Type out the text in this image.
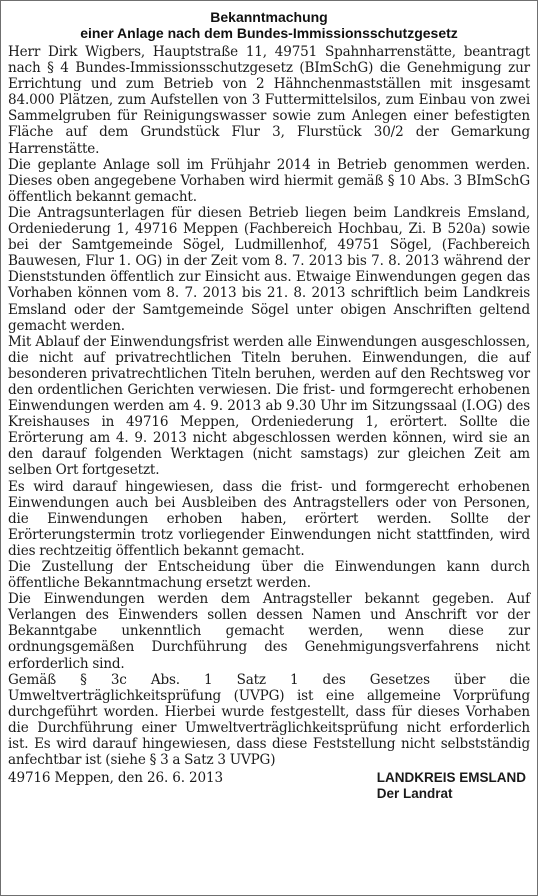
Bekanntmachung
einer Anlage nach dem Bundes-Immissionsschutzgesetz

Herr Dirk Wigbers, Hauptstraße 11, 49751 Spahnharrenstätte, beantragt nach § 4 Bundes-Immissionsschutzgesetz (BImSchG) die Genehmigung zur Errichtung und zum Betrieb von 2 Hähnchenmastställen mit insgesamt 84.000 Plätzen, zum Aufstellen von 3 Futtermittelsilos, zum Einbau von zwei Sammelgruben für Reinigungswasser sowie zum Anlegen einer befestigten Fläche auf dem Grundstück Flur 3, Flurstück 30/2 der Gemarkung Harrenstätte.

Die geplante Anlage soll im Frühjahr 2014 in Betrieb genommen werden. Dieses oben angegebene Vorhaben wird hiermit gemäß § 10 Abs. 3 BImSchG öffentlich bekannt gemacht.

Die Antragsunterlagen für diesen Betrieb liegen beim Landkreis Emsland, Ordeniederung 1, 49716 Meppen (Fachbereich Hochbau, Zi. B 520a) sowie bei der Samtgemeinde Sögel, Ludmillenhof, 49751 Sögel, (Fachbereich Bauwesen, Flur 1. OG) in der Zeit vom 8. 7. 2013 bis 7. 8. 2013 während der Dienststunden öffentlich zur Einsicht aus. Etwaige Einwendungen gegen das Vorhaben können vom 8. 7. 2013 bis 21. 8. 2013 schriftlich beim Landkreis Emsland oder der Samtgemeinde Sögel unter obigen Anschriften geltend gemacht werden.

Mit Ablauf der Einwendungsfrist werden alle Einwendungen ausgeschlossen, die nicht auf privatrechtlichen Titeln beruhen. Einwendungen, die auf besonderen privatrechtlichen Titeln beruhen, werden auf den Rechtsweg vor den ordentlichen Gerichten verwiesen. Die frist- und formgerecht erhobenen Einwendungen werden am 4. 9. 2013 ab 9.30 Uhr im Sitzungssaal (I.OG) des Kreishauses in 49716 Meppen, Ordeniederung 1, erörtert. Sollte die Erörterung am 4. 9. 2013 nicht abgeschlossen werden können, wird sie an den darauf folgenden Werktagen (nicht samstags) zur gleichen Zeit am selben Ort fortgesetzt.

Es wird darauf hingewiesen, dass die frist- und formgerecht erhobenen Einwendungen auch bei Ausbleiben des Antragstellers oder von Personen, die Einwendungen erhoben haben, erörtert werden. Sollte der Erörterungstermin trotz vorliegender Einwendungen nicht stattfinden, wird dies rechtzeitig öffentlich bekannt gemacht.

Die Zustellung der Entscheidung über die Einwendungen kann durch öffentliche Bekanntmachung ersetzt werden.

Die Einwendungen werden dem Antragsteller bekannt gegeben. Auf Verlangen des Einwenders sollen dessen Namen und Anschrift vor der Bekanntgabe unkenntlich gemacht werden, wenn diese zur ordnungsgemäßen Durchführung des Genehmigungsverfahrens nicht erforderlich sind.

Gemäß § 3c Abs. 1 Satz 1 des Gesetzes über die Umweltverträglichkeitsprüfung (UVPG) ist eine allgemeine Vorprüfung durchgeführt worden. Hierbei wurde festgestellt, dass für dieses Vorhaben die Durchführung einer Umweltverträglichkeitsprüfung nicht erforderlich ist. Es wird darauf hingewiesen, dass diese Feststellung nicht selbstständig anfechtbar ist (siehe § 3 a Satz 3 UVPG)

49716 Meppen, den 26. 6. 2013	LANDKREIS EMSLAND
Der Landrat
